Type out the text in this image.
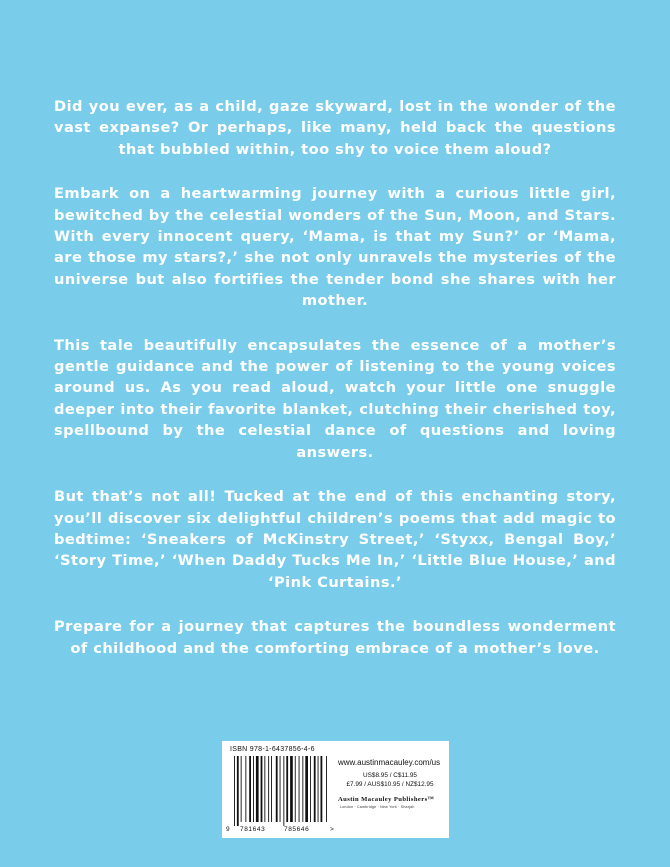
Did you ever, as a child, gaze skyward, lost in the wonder of the vast expanse? Or perhaps, like many, held back the questions that bubbled within, too shy to voice them aloud?

Embark on a heartwarming journey with a curious little girl, bewitched by the celestial wonders of the Sun, Moon, and Stars. With every innocent query, ‘Mama, is that my Sun?’ or ‘Mama, are those my stars?,’ she not only unravels the mysteries of the universe but also fortifies the tender bond she shares with her mother.

This tale beautifully encapsulates the essence of a mother’s gentle guidance and the power of listening to the young voices around us. As you read aloud, watch your little one snuggle deeper into their favorite blanket, clutching their cherished toy, spellbound by the celestial dance of questions and loving answers.

But that’s not all! Tucked at the end of this enchanting story, you’ll discover six delightful children’s poems that add magic to bedtime: ‘Sneakers of McKinstry Street,’ ‘Styxx, Bengal Boy,’ ‘Story Time,’ ‘When Daddy Tucks Me In,’ ‘Little Blue House,’ and ‘Pink Curtains.’

Prepare for a journey that captures the boundless wonderment of childhood and the comforting embrace of a mother’s love.

ISBN 978-1-6437856-4-6
9 781643	785646	>
www.austinmacauley.com/us
US$8.95 / C$11.95
£7.99 / AUS$10.95 / NZ$12.95
Austin Macauley Publishers™
London · Cambridge · New York · Sharjah
